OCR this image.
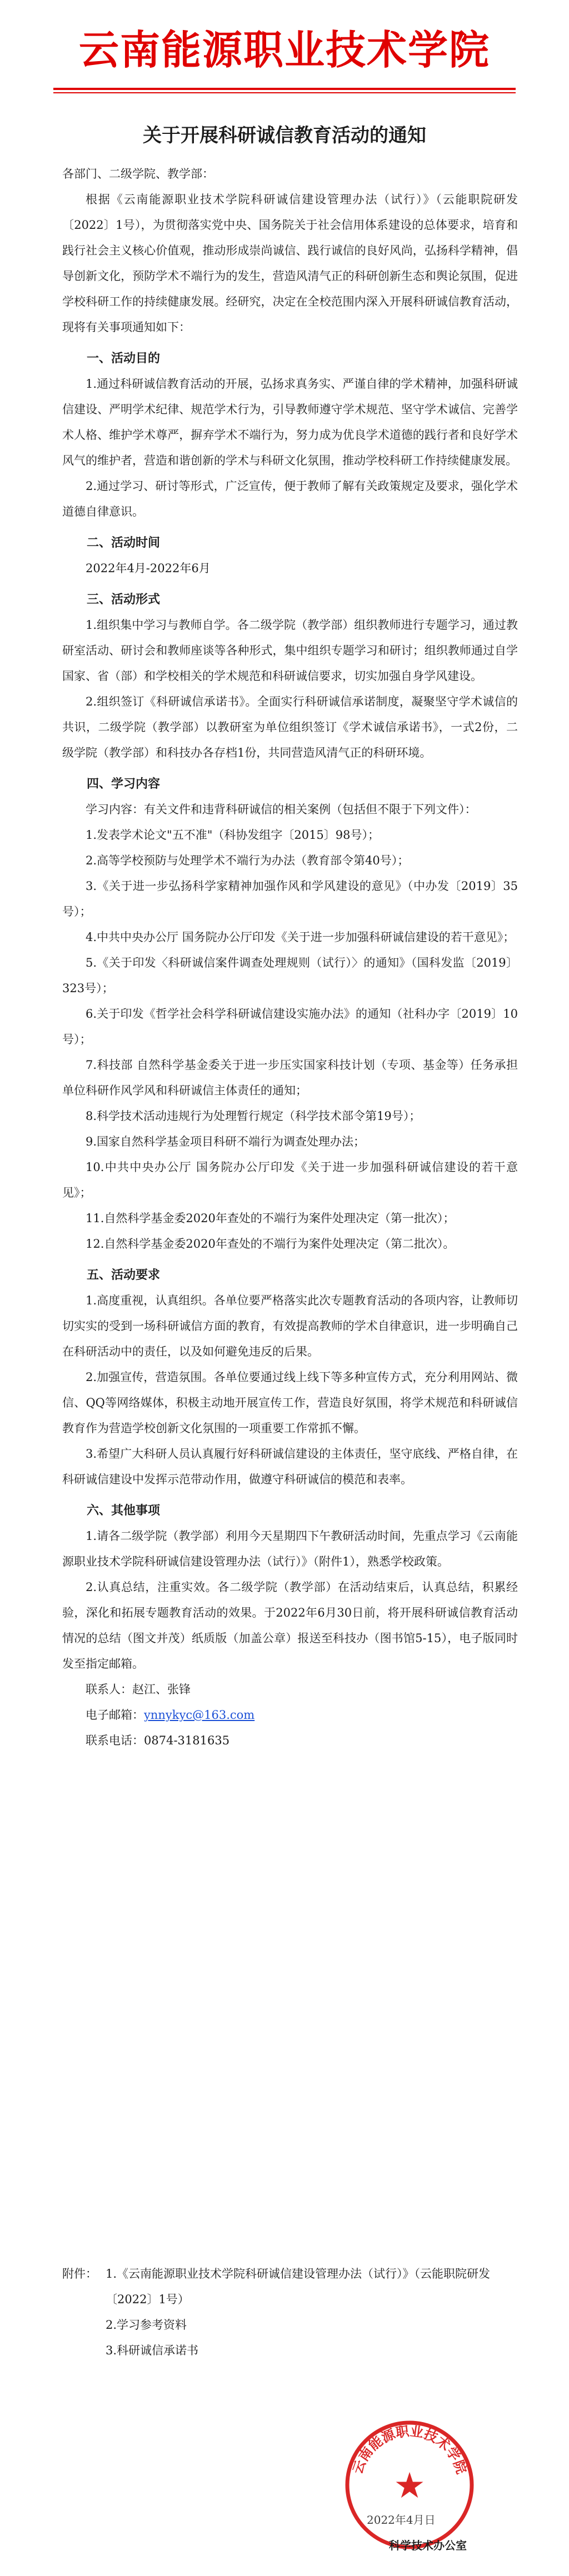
云南能源职业技术学院
关于开展科研诚信教育活动的通知

各部门、二级学院、教学部：

根据《云南能源职业技术学院科研诚信建设管理办法（试行）》（云能职院研发〔2022〕1号），为贯彻落实党中央、国务院关于社会信用体系建设的总体要求，培育和践行社会主义核心价值观，推动形成崇尚诚信、践行诚信的良好风尚，弘扬科学精神，倡导创新文化，预防学术不端行为的发生，营造风清气正的科研创新生态和舆论氛围，促进学校科研工作的持续健康发展。经研究，决定在全校范围内深入开展科研诚信教育活动，现将有关事项通知如下：

一、活动目的

1.通过科研诚信教育活动的开展，弘扬求真务实、严谨自律的学术精神，加强科研诚信建设、严明学术纪律、规范学术行为，引导教师遵守学术规范、坚守学术诚信、完善学术人格、维护学术尊严，摒弃学术不端行为，努力成为优良学术道德的践行者和良好学术风气的维护者，营造和谐创新的学术与科研文化氛围，推动学校科研工作持续健康发展。

2.通过学习、研讨等形式，广泛宣传，便于教师了解有关政策规定及要求，强化学术道德自律意识。

二、活动时间

2022年4月-2022年6月

三、活动形式

1.组织集中学习与教师自学。各二级学院（教学部）组织教师进行专题学习，通过教研室活动、研讨会和教师座谈等各种形式，集中组织专题学习和研讨；组织教师通过自学国家、省（部）和学校相关的学术规范和科研诚信要求，切实加强自身学风建设。

2.组织签订《科研诚信承诺书》。全面实行科研诚信承诺制度，凝聚坚守学术诚信的共识，二级学院（教学部）以教研室为单位组织签订《学术诚信承诺书》，一式2份，二级学院（教学部）和科技办各存档1份，共同营造风清气正的科研环境。

四、学习内容

学习内容：有关文件和违背科研诚信的相关案例（包括但不限于下列文件）：

1.发表学术论文"五不准"（科协发组字〔2015〕98号）；

2.高等学校预防与处理学术不端行为办法（教育部令第40号）；

3.《关于进一步弘扬科学家精神加强作风和学风建设的意见》（中办发〔2019〕35号）；

4.中共中央办公厅 国务院办公厅印发《关于进一步加强科研诚信建设的若干意见》；

5.《关于印发〈科研诚信案件调查处理规则（试行）〉的通知》（国科发监〔2019〕323号）；

6.关于印发《哲学社会科学科研诚信建设实施办法》的通知（社科办字〔2019〕10号）；

7.科技部 自然科学基金委关于进一步压实国家科技计划（专项、基金等）任务承担单位科研作风学风和科研诚信主体责任的通知；

8.科学技术活动违规行为处理暂行规定（科学技术部令第19号）；

9.国家自然科学基金项目科研不端行为调查处理办法；

10.中共中央办公厅 国务院办公厅印发《关于进一步加强科研诚信建设的若干意见》；

11.自然科学基金委2020年查处的不端行为案件处理决定（第一批次）；

12.自然科学基金委2020年查处的不端行为案件处理决定（第二批次）。

五、活动要求

1.高度重视，认真组织。各单位要严格落实此次专题教育活动的各项内容，让教师切切实实的受到一场科研诚信方面的教育，有效提高教师的学术自律意识，进一步明确自己在科研活动中的责任，以及如何避免违反的后果。

2.加强宣传，营造氛围。各单位要通过线上线下等多种宣传方式，充分利用网站、微信、QQ等网络媒体，积极主动地开展宣传工作，营造良好氛围，将学术规范和科研诚信教育作为营造学校创新文化氛围的一项重要工作常抓不懈。

3.希望广大科研人员认真履行好科研诚信建设的主体责任，坚守底线、严格自律，在科研诚信建设中发挥示范带动作用，做遵守科研诚信的模范和表率。

六、其他事项

1.请各二级学院（教学部）利用今天星期四下午教研活动时间，先重点学习《云南能源职业技术学院科研诚信建设管理办法（试行）》（附件1），熟悉学校政策。

2.认真总结，注重实效。各二级学院（教学部）在活动结束后，认真总结，积累经验，深化和拓展专题教育活动的效果。于2022年6月30日前，将开展科研诚信教育活动情况的总结（图文并茂）纸质版（加盖公章）报送至科技办（图书馆5-15），电子版同时发至指定邮箱。

联系人：赵江、张锋

电子邮箱：ynnykyc@163.com

联系电话：0874-3181635

附件： 1.《云南能源职业技术学院科研诚信建设管理办法（试行）》（云能职院研发〔2022〕1号）
2.学习参考资料
3.科研诚信承诺书
云南能源职业技术学院
★
2022年4月日
科学技术办公室
